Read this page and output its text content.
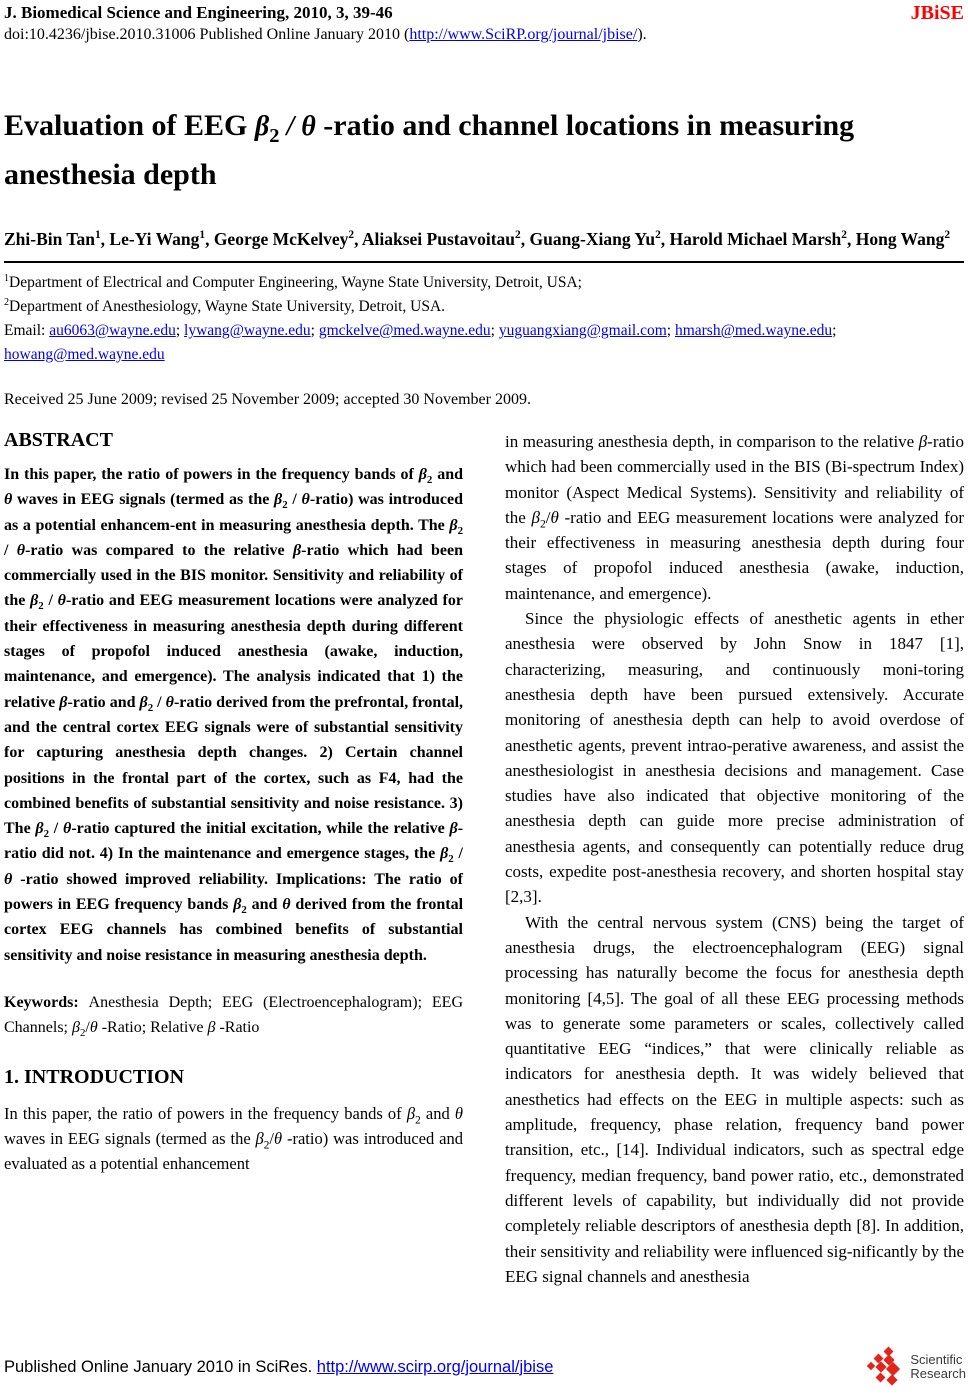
J. Biomedical Science and Engineering, 2010, 3, 39-46	JBiSE
doi:10.4236/jbise.2010.31006 Published Online January 2010 (http://www.SciRP.org/journal/jbise/).
Evaluation of EEG $\beta_2$ / θ -ratio and channel locations in measuring anesthesia depth
Zhi-Bin Tan$^1$, Le-Yi Wang$^1$, George McKelvey$^2$, Aliaksei Pustavoitau$^2$, Guang-Xiang Yu$^2$, Harold Michael Marsh$^2$, Hong Wang$^2$
$^1$Department of Electrical and Computer Engineering, Wayne State University, Detroit, USA;
$^2$Department of Anesthesiology, Wayne State University, Detroit, USA.
Email: au6063@wayne.edu; lywang@wayne.edu; gmckelve@med.wayne.edu; yuguangxiang@gmail.com; hmarsh@med.wayne.edu; howang@med.wayne.edu
Received 25 June 2009; revised 25 November 2009; accepted 30 November 2009.
ABSTRACT

In this paper, the ratio of powers in the frequency bands of $\beta_2$ and θ waves in EEG signals (termed as the $\beta_2$ / θ-ratio) was introduced as a potential enhancem-ent in measuring anesthesia depth. The $\beta_2$ / θ-ratio was compared to the relative β-ratio which had been commercially used in the BIS monitor. Sensitivity and reliability of the $\beta_2$ / θ-ratio and EEG measurement locations were analyzed for their effectiveness in measuring anesthesia depth during different stages of propofol induced anesthesia (awake, induction, maintenance, and emergence). The analysis indicated that 1) the relative β-ratio and $\beta_2$ / θ-ratio derived from the prefrontal, frontal, and the central cortex EEG signals were of substantial sensitivity for capturing anesthesia depth changes. 2) Certain channel positions in the frontal part of the cortex, such as F4, had the combined benefits of substantial sensitivity and noise resistance. 3) The $\beta_2$ / θ-ratio captured the initial excitation, while the relative β-ratio did not. 4) In the maintenance and emergence stages, the $\beta_2$ / θ -ratio showed improved reliability. Implications: The ratio of powers in EEG frequency bands $\beta_2$ and θ derived from the frontal cortex EEG channels has combined benefits of substantial sensitivity and noise resistance in measuring anesthesia depth.

Keywords: Anesthesia Depth; EEG (Electroencephalogram); EEG Channels; $\beta_2/\theta$ -Ratio; Relative β -Ratio

1. INTRODUCTION

In this paper, the ratio of powers in the frequency bands of $\beta_2$ and θ waves in EEG signals (termed as the $\beta_2/\theta$ -ratio) was introduced and evaluated as a potential enhancement

in measuring anesthesia depth, in comparison to the relative β-ratio which had been commercially used in the BIS (Bi-spectrum Index) monitor (Aspect Medical Systems). Sensitivity and reliability of the $\beta_2/\theta$ -ratio and EEG measurement locations were analyzed for their effectiveness in measuring anesthesia depth during four stages of propofol induced anesthesia (awake, induction, maintenance, and emergence).

Since the physiologic effects of anesthetic agents in ether anesthesia were observed by John Snow in 1847 [1], characterizing, measuring, and continuously moni-toring anesthesia depth have been pursued extensively. Accurate monitoring of anesthesia depth can help to avoid overdose of anesthetic agents, prevent intrao-perative awareness, and assist the anesthesiologist in anesthesia decisions and management. Case studies have also indicated that objective monitoring of the anesthesia depth can guide more precise administration of anesthesia agents, and consequently can potentially reduce drug costs, expedite post-anesthesia recovery, and shorten hospital stay [2,3].

With the central nervous system (CNS) being the target of anesthesia drugs, the electroencephalogram (EEG) signal processing has naturally become the focus for anesthesia depth monitoring [4,5]. The goal of all these EEG processing methods was to generate some parameters or scales, collectively called quantitative EEG “indices,” that were clinically reliable as indicators for anesthesia depth. It was widely believed that anesthetics had effects on the EEG in multiple aspects: such as amplitude, frequency, phase relation, frequency band power transition, etc., [14]. Individual indicators, such as spectral edge frequency, median frequency, band power ratio, etc., demonstrated different levels of capability, but individually did not provide completely reliable descriptors of anesthesia depth [8]. In addition, their sensitivity and reliability were influenced sig-nificantly by the EEG signal channels and anesthesia

Published Online January 2010 in SciRes. http://www.scirp.org/journal/jbise	Scientific
Research
